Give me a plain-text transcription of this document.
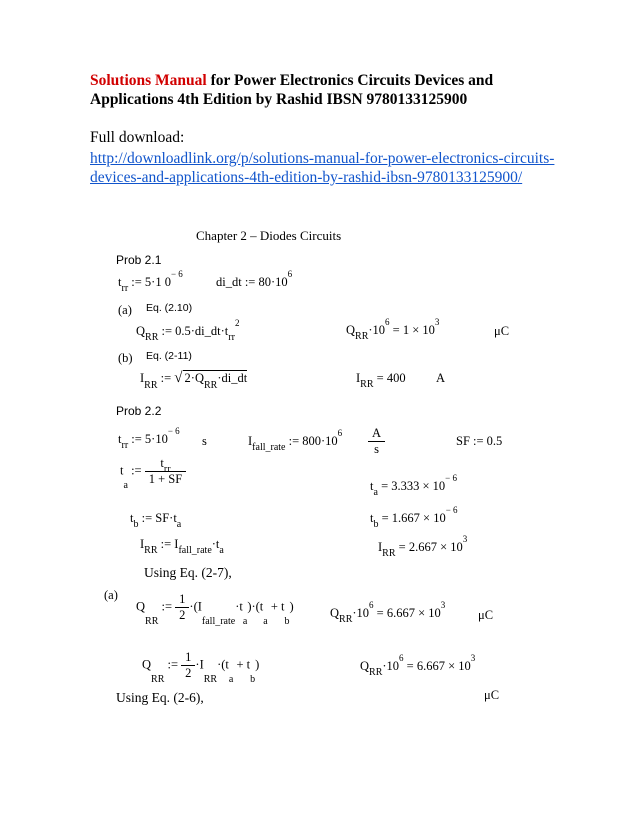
Solutions Manual for Power Electronics Circuits Devices and Applications 4th Edition by Rashid IBSN 9780133125900
Full download:
http://downloadlink.org/p/solutions-manual-for-power-electronics-circuits-devices-and-applications-4th-edition-by-rashid-ibsn-9780133125900/
Chapter 2 – Diodes Circuits
Prob 2.1
$t_{rr}$ := 5·1 $0^{- 6}$
di_dt := $80\cdot 10^6$
(a) Eq. (2.10)
$Q_{RR}$ := $0.5\cdot di\_dt\cdot t_{rr}^2$	$Q_{RR}\cdot 10^6 = 1 \times 10^3$
μC
(b) Eq. (2-11)
$I_{RR}$ := √ $2\cdot Q_{RR}\cdot di\_dt$	$I_{RR} = 400$ A
Prob 2.2
$t_{rr}$ := $5\cdot 10^{- 6}$
s	$I_{fall\_rate}$ := $800\cdot 10^6 \frac{A}{s}$	SF := 0.5
$t_a$ := $\frac{t_{rr}}{1 + SF}$	$t_a = 3.333 \times 10^{- 6}$
$t_b$ := $SF\cdot t_a$	$t_b = 1.667 \times 10^{- 6}$
$I_{RR}$ := $I_{fall\_rate}\cdot t_a$	$I_{RR} = 2.667 \times 10^3$
Using Eq. (2-7),
(a)
$Q_{RR}$ := $\frac{1}{2} \cdot(I_{fall\_rate}\cdot t_a)\cdot(t_a + t_b)$	$Q_{RR}\cdot 10^6 = 6.667 \times 10^3$
μC
$Q_{RR}$ := $\frac{1}{2} \cdot I_{RR}\cdot(t_a + t_b)$	$Q_{RR}\cdot 10^6 = 6.667 \times 10^3$
μC
Using Eq. (2-6),
